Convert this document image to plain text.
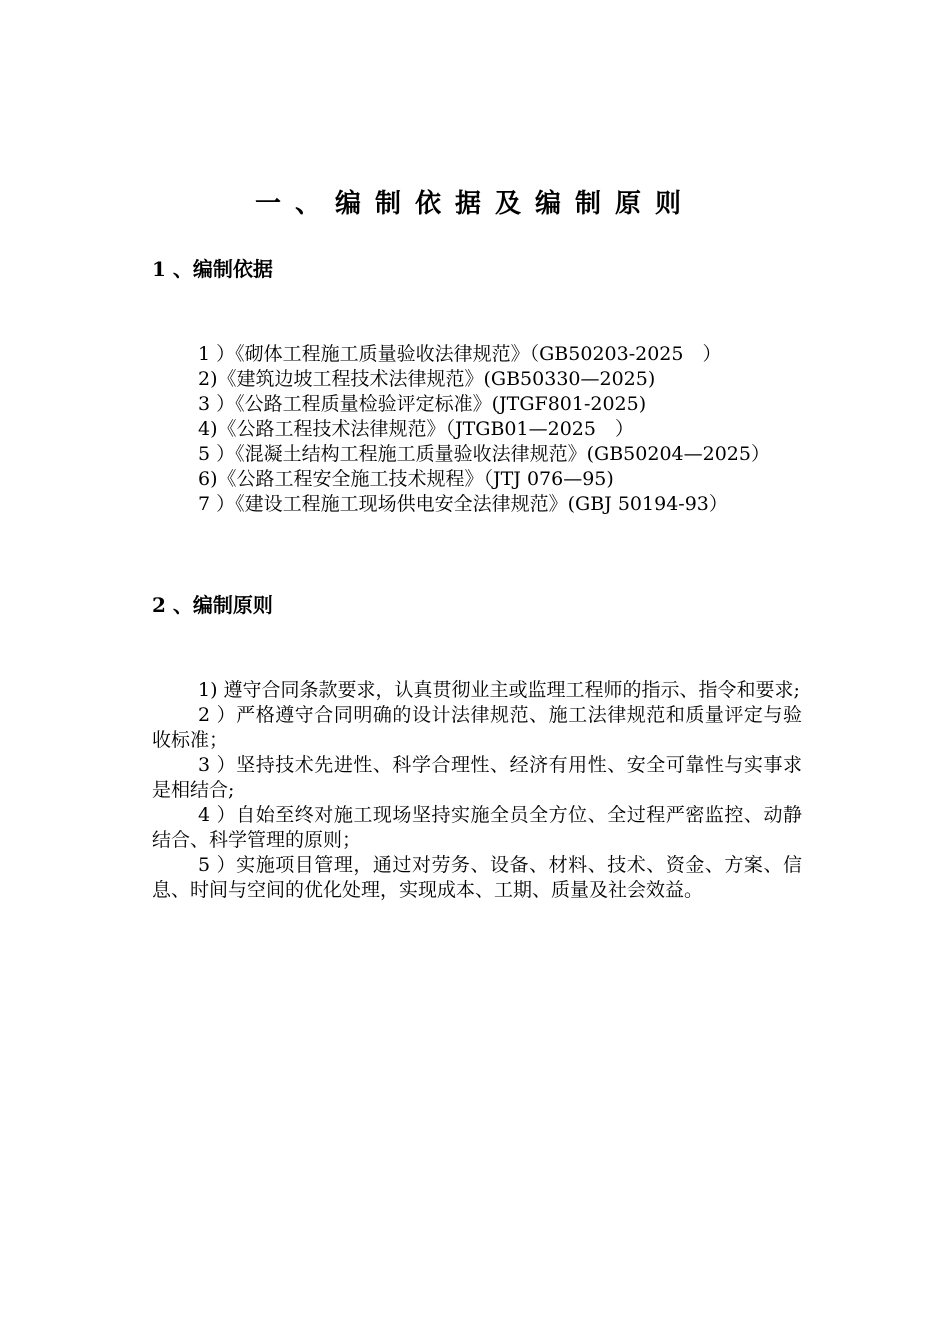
一、编制依据及编制原则
1 、编制依据

1 ）《砌体工程施工质量验收法律规范》（GB50203-2025　）

2)《建筑边坡工程技术法律规范》(GB50330—2025)

3 ）《公路工程质量检验评定标准》(JTGF801-2025)

4)《公路工程技术法律规范》（JTGB01—2025　）

5 ）《混凝土结构工程施工质量验收法律规范》(GB50204—2025）

6)《公路工程安全施工技术规程》（JTJ 076—95)

7 ）《建设工程施工现场供电安全法律规范》(GBJ 50194-93）

2 、编制原则

1) 遵守合同条款要求，认真贯彻业主或监理工程师的指示、指令和要求;

2 ）严格遵守合同明确的设计法律规范、施工法律规范和质量评定与验收标准；

3 ）坚持技术先进性、科学合理性、经济有用性、安全可靠性与实事求是相结合;

4 ）自始至终对施工现场坚持实施全员全方位、全过程严密监控、动静结合、科学管理的原则；

5 ）实施项目管理，通过对劳务、设备、材料、技术、资金、方案、信息、时间与空间的优化处理，实现成本、工期、质量及社会效益。
